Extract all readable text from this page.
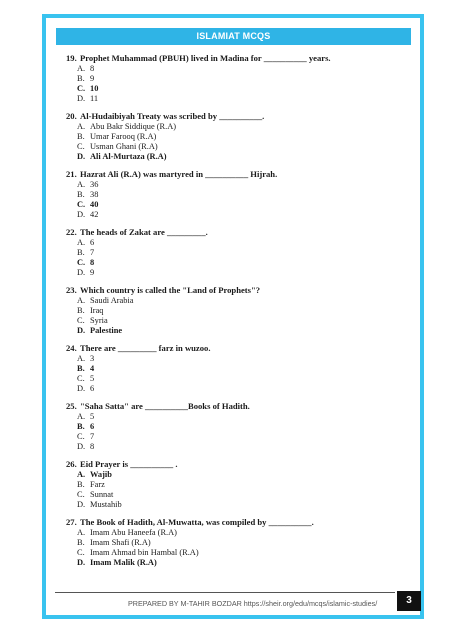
ISLAMIAT MCQS
19. Prophet Muhammad (PBUH) lived in Madina for __________ years.
A. 8
B. 9
C. 10
D. 11
20. Al-Hudaibiyah Treaty was scribed by __________.
A. Abu Bakr Siddique (R.A)
B. Umar Farooq (R.A)
C. Usman Ghani (R.A)
D. Ali Al-Murtaza (R.A)
21. Hazrat Ali (R.A) was martyred in __________ Hijrah.
A. 36
B. 38
C. 40
D. 42
22. The heads of Zakat are _________.
A. 6
B. 7
C. 8
D. 9
23. Which country is called the "Land of Prophets"?
A. Saudi Arabia
B. Iraq
C. Syria
D. Palestine
24. There are _________ farz in wuzoo.
A. 3
B. 4
C. 5
D. 6
25. "Saha Satta" are __________Books of Hadith.
A. 5
B. 6
C. 7
D. 8
26. Eid Prayer is __________ .
A. Wajib
B. Farz
C. Sunnat
D. Mustahib
27. The Book of Hadith, Al-Muwatta, was compiled by __________.
A. Imam Abu Haneefa (R.A)
B. Imam Shafi (R.A)
C. Imam Ahmad bin Hambal (R.A)
D. Imam Malik (R.A)
PREPARED BY M-TAHIR BOZDAR https://sheir.org/edu/mcqs/islamic-studies/	3
